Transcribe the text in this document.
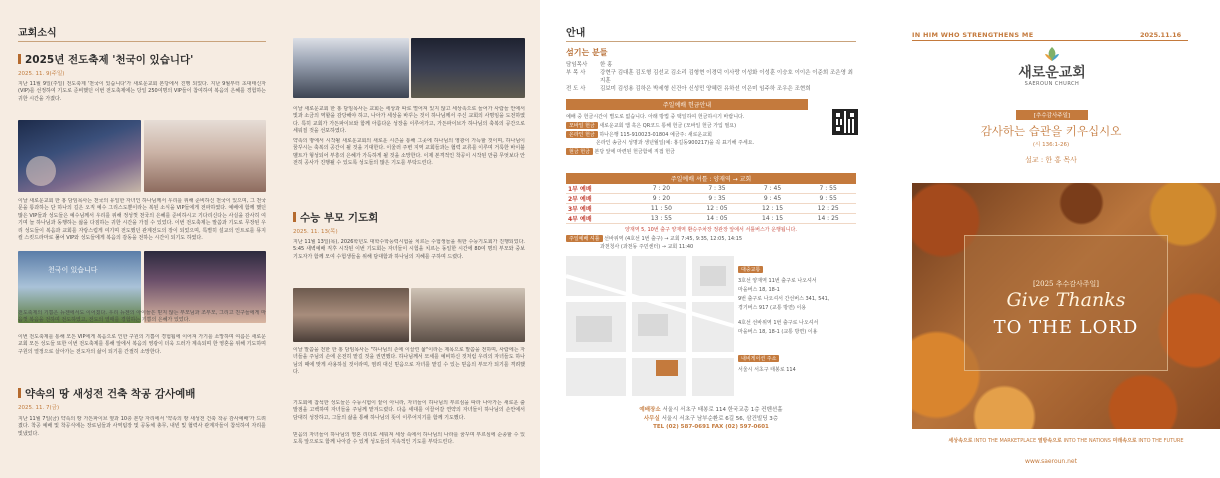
교회소식
2025년 전도축제 '천국이 있습니다'
2025. 11. 9(주일)
지난 11월 9일(주일) 전도축제 '천국이 있습니다'가 새로운교회 본당에서 진행 되었다. 지난 9월부터 초대태신자(VIP)를 선정하여 기도로 준비했던 이번 전도축제에는 당일 250여명의 VIP들이 참여하여 복음의 은혜를 경험하는 귀한 시간을 가졌다.
이날 새로운교회 한 홍 담임목사는 천국의 유일한 자녀인 하나님께서 우리를 위해 준비하신 천국이 있으며, 그 천국문을 통과하는 단 하나의 길은 오직 예수 그리스도뿐이라는 복된 소식을 VIP들에게 전파하였다. 예배에 함께 했던 많은 VIP들과 성도들은 예수님께서 우리를 위해 정성껏 천국의 은혜를 준비하시고 기다리신다는 사실을 감사히 여기며 늘 하나님과 동행하는 삶을 다짐하는 귀한 시간을 가질 수 있었다. 이번 전도축제는 말씀과 기도로 무장된 우리 성도들이 복음과 교회를 자랑스럽게 여기며 전도했던 관계전도의 장이 되었으며, 특별히 설교의 인트로를 뮤지컬 스킷드라마로 풀어 VIP와 성도들에게 복음의 감동을 전하는 시간이 되기도 하였다.
천국이 있습니다
전도축제의 기쁨은 뉴젠에서도 이어졌다. 우리 뉴젠의 아이들은 믿지 않는 부모님과 조부모, 그리고 친구들에게 마음껏 복음을 전하며 전도하였고, 전도의 열매를 경험하는 기쁨의 은혜가 있었다.
이번 전도축제를 통해 모든 VIP에게 복음으로 인한 구원의 기쁨이 경험됨에 이어져 가기를 소망하며 여름은 새로운교회 모든 성도들 또한 이번 전도축제를 통해 앞에서 복음의 영광이 더욱 드러가 계속되며 한 영혼을 위해 기도하며 구원의 열정으로 살아가는 전도자의 삶이 되기를 간절히 소망한다.
약속의 땅 새성전 건축 착공 감사예배
2025. 11. 7(금)
지난 11월 7일(금) 약속의 땅 가든파이브 옆과 10층 본당 자리에서 '약속의 땅 새성전 건축 착공 감사예배'가 드려졌다. 착공 예배 및 착공식에는 장로님들과 사역팀장 및 공동체 총무, 내빈 및 협력사 관계자들이 참석하여 자리를 빛냈었다.
이날 새로운교회 한 홍 담임목사는 교회는 세상과 따로 떨어져 있지 않고 세상속으로 들어가 사람들 안에서 빛과 소금의 역할을 감당해야 하고, 나아가 세상을 바꾸는 것이 하나님께서 주신 교회의 사명임을 도전하였다. 특히 교회가 가든파이브와 함께 아름다운 성장을 이루어가고, 가든파이브가 하나님의 축복의 공간으로 세워질 것을 선포하였다.
약속의 땅에서 시작될 새로운교회의 새로운 시즌을 통해 그곳에 하나님의 영광이 가득할 것이며, 하나님이 꿈꾸시는 축복의 공간이 될 것을 기대한다. 이울러 주변 지역 교회들과는 협력 교류를 이루며 거룩한 바이블벨트가 형성되어 부흥의 은혜가 가득하게 될 것을 소망한다. 이제 본격적인 착공이 시작된 만큼 무엇보다 안전히 공사가 진행될 수 있도록 성도들의 많은 기도를 부탁드린다.
수능 부모 기도회
2025. 11. 13(목)
지난 11월 13일(목), 2026학년도 대학수학능력시험을 치르는 수험생들을 위한 수능기도회가 진행되었다. 5:45 새벽예배 직후 시작된 이번 기도회는 자녀들이 시험을 치르는 동일한 시간에 80여 명의 부모와 중보기도자가 함께 모여 수험생들을 위해 담대함과 하나님의 지혜를 구하며 드렸다.
이날 말씀을 전한 한 홍 담임목사는 "하나님의 손에 이끌린 삶"이라는 제목으로 말씀을 전하며, 사람에는 자녀들을 주님의 손에 온전히 맡길 것을 권면했다. 하나님께서 모세를 예비하신 것처럼 우리의 자녀들도 하나님의 때에 맞게 사용하실 것이라며, 염려 대신 믿음으로 자녀를 맡길 수 있는 믿음의 부모가 되기를 격려했다.
기도회에 참석한 성도들은 수능시험이 끝이 아니라, 자녀들이 하나님의 부르심을 따라 나아가는 새로운 출발점을 고백하며 자녀들을 주님께 맡겨드렸다. 다음 세대를 이끌어갈 연약의 자녀들이 하나님의 손안에서 담대히 성장하고, 그들의 삶을 통해 하나님의 뜻이 이루어지기를 함께 기도했다.
믿음의 자녀들이 하나님의 영혼 리더로 세워져 세상 속에서 하나님의 나라를 꿈꾸며 부르심에 순종할 수 있도록 앞으로도 함께 나아갈 수 있게 성도들의 지속적인 기도를 부탁드린다.
안내
섬기는 분들
담임목사	한 홍
부 목 사	강현구 김대훈 김도형 김선교 김소리 김형현 이경덕 이사랑 이성화 이성훈 이승호 이이은 이준희 조은영 최지훈
전 도 사	김보미 김성용 김하은 박세형 신건아 신성민 양혜린 유하선 이은미 임주하 조우은 조현희
주일예배 헌금안내
예배 중 헌금시간이 별도로 없습니다. 아래 방법 중 택일하여 헌금하시기 바랍니다.
모바일 헌금 새로운교회 앱 혹은 QR코드 통해 헌금 (모바일 헌금 가입 필요)
온라인 헌금 하나은행 115-910023-01804 예금주: 새로운교회
온라인 송금시 성명과 생년월일(예: 홍길동900217)을 꼭 표기해 주세요.
현금 헌금 본당 앞에 마련된 헌금함에 직접 헌금
주일예배 셔틀 : 양재역 → 교회
1부 예배	7 : 20	7 : 35	7 : 45	7 : 55
2부 예배	9 : 20	9 : 35	9 : 45	9 : 55
3부 예배	11 : 50	12 : 05	12 : 15	12 : 25
4부 예배	13 : 55	14 : 05	14 : 15	14 : 25
양재역 5, 10번 출구 양재역 환승주차장 정관장 앞에서 서틀버스가 운행됩니다.
주일예배 셔틀 선바위역 (4호선 1번 출구) → 교회 7:45, 9:35, 12:05, 14:15
과천청사 (과천동 주민센터) → 교회 11:40
대중교통
3호선 양재역 11번 출구로 나오셔서
마을버스 18, 18-1
9번 출구로 나오셔서 간선버스 341, 541,
경기버스 917 (교통 방면) 이용
4호선 선바위역 1번 출구로 나오셔서
마을버스 18, 18-1 (교통 방면) 이용
내비게이션 주소
서울시 서초구 태봉로 114
예배장소 서울시 서초구 태봉로 114 한국교총 1층 컨벤션홀
사무실 서울시 서초구 남부순환로 6길 56, 삼건빌딩 3층
TEL (02) 587-0691 FAX (02) 597-0601
IN HIM WHO STRENGTHENS ME	2025.11.16
새로운교회
SAEROUN CHURCH
[추수감사주일]
감사하는 습관을 키우십시오
(시 136:1-26)
설교 : 한 홍 목사
[2025 추수감사주일]
Give Thanks
TO THE LORD
세상속으로 INTO THE MARKETPLACE 열방속으로 INTO THE NATIONS 미래속으로 INTO THE FUTURE
www.saeroun.net
